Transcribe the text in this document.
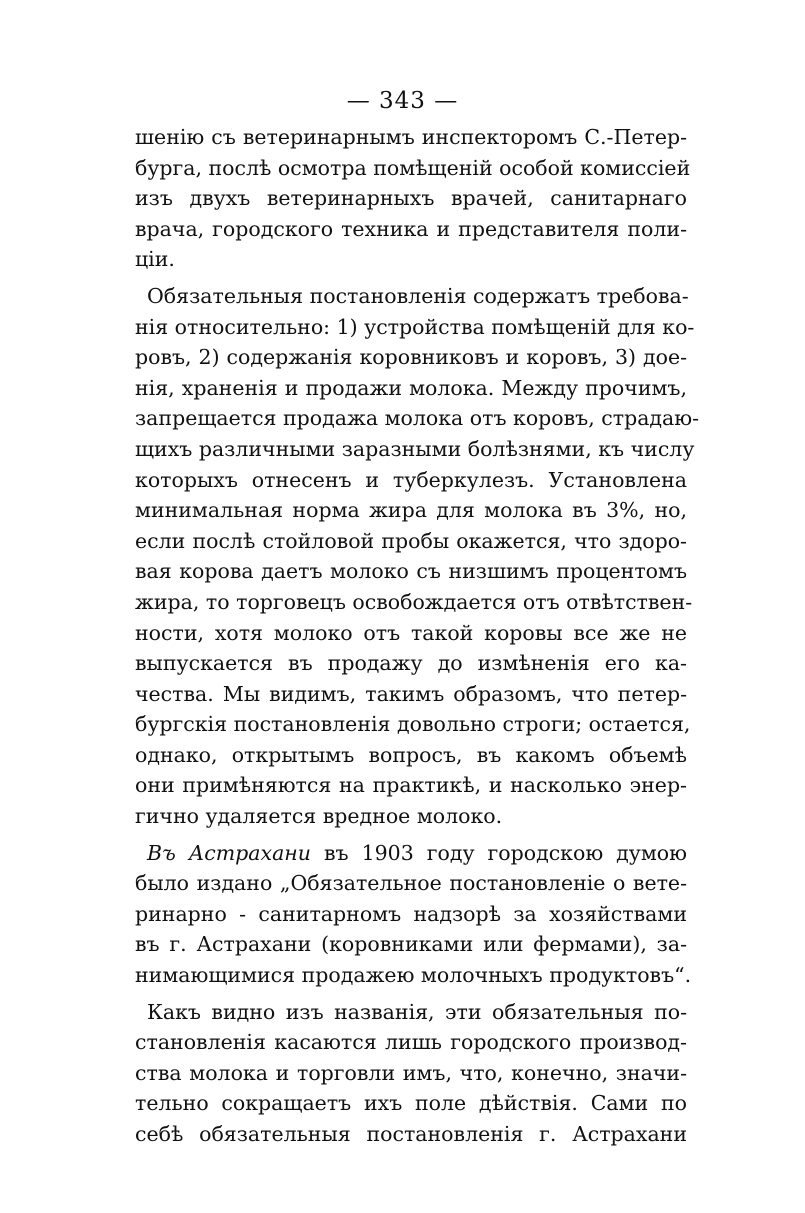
— 343 —
шенію съ ветеринарнымъ инспекторомъ С.-Петер-
бурга, послѣ осмотра помѣщеній особой комиссіей
изъ двухъ ветеринарныхъ врачей, санитарнаго
врача, городского техника и представителя поли-
ціи.
Обязательныя постановленія содержатъ требова-
нія относительно: 1) устройства помѣщеній для ко-
ровъ, 2) содержанія коровниковъ и коровъ, 3) дое-
нія, храненія и продажи молока. Между прочимъ,
запрещается продажа молока отъ коровъ, страдаю-
щихъ различными заразными болѣзнями, къ числу
которыхъ отнесенъ и туберкулезъ. Установлена
минимальная норма жира для молока въ 3%, но,
если послѣ стойловой пробы окажется, что здоро-
вая корова даетъ молоко съ низшимъ процентомъ
жира, то торговецъ освобождается отъ отвѣтствен-
ности, хотя молоко отъ такой коровы все же не
выпускается въ продажу до измѣненія его ка-
чества. Мы видимъ, такимъ образомъ, что петер-
бургскія постановленія довольно строги; остается,
однако, открытымъ вопросъ, въ какомъ объемѣ
они примѣняются на практикѣ, и насколько энер-
гично удаляется вредное молоко.
Въ Астрахани въ 1903 году городскою думою
было издано „Обязательное постановленіе о вете-
ринарно - санитарномъ надзорѣ за хозяйствами
въ г. Астрахани (коровниками или фермами), за-
нимающимися продажею молочныхъ продуктовъ“.
Какъ видно изъ названія, эти обязательныя по-
становленія касаются лишь городского производ-
ства молока и торговли имъ, что, конечно, значи-
тельно сокращаетъ ихъ поле дѣйствія. Сами по
себѣ обязательныя постановленія г. Астрахани
